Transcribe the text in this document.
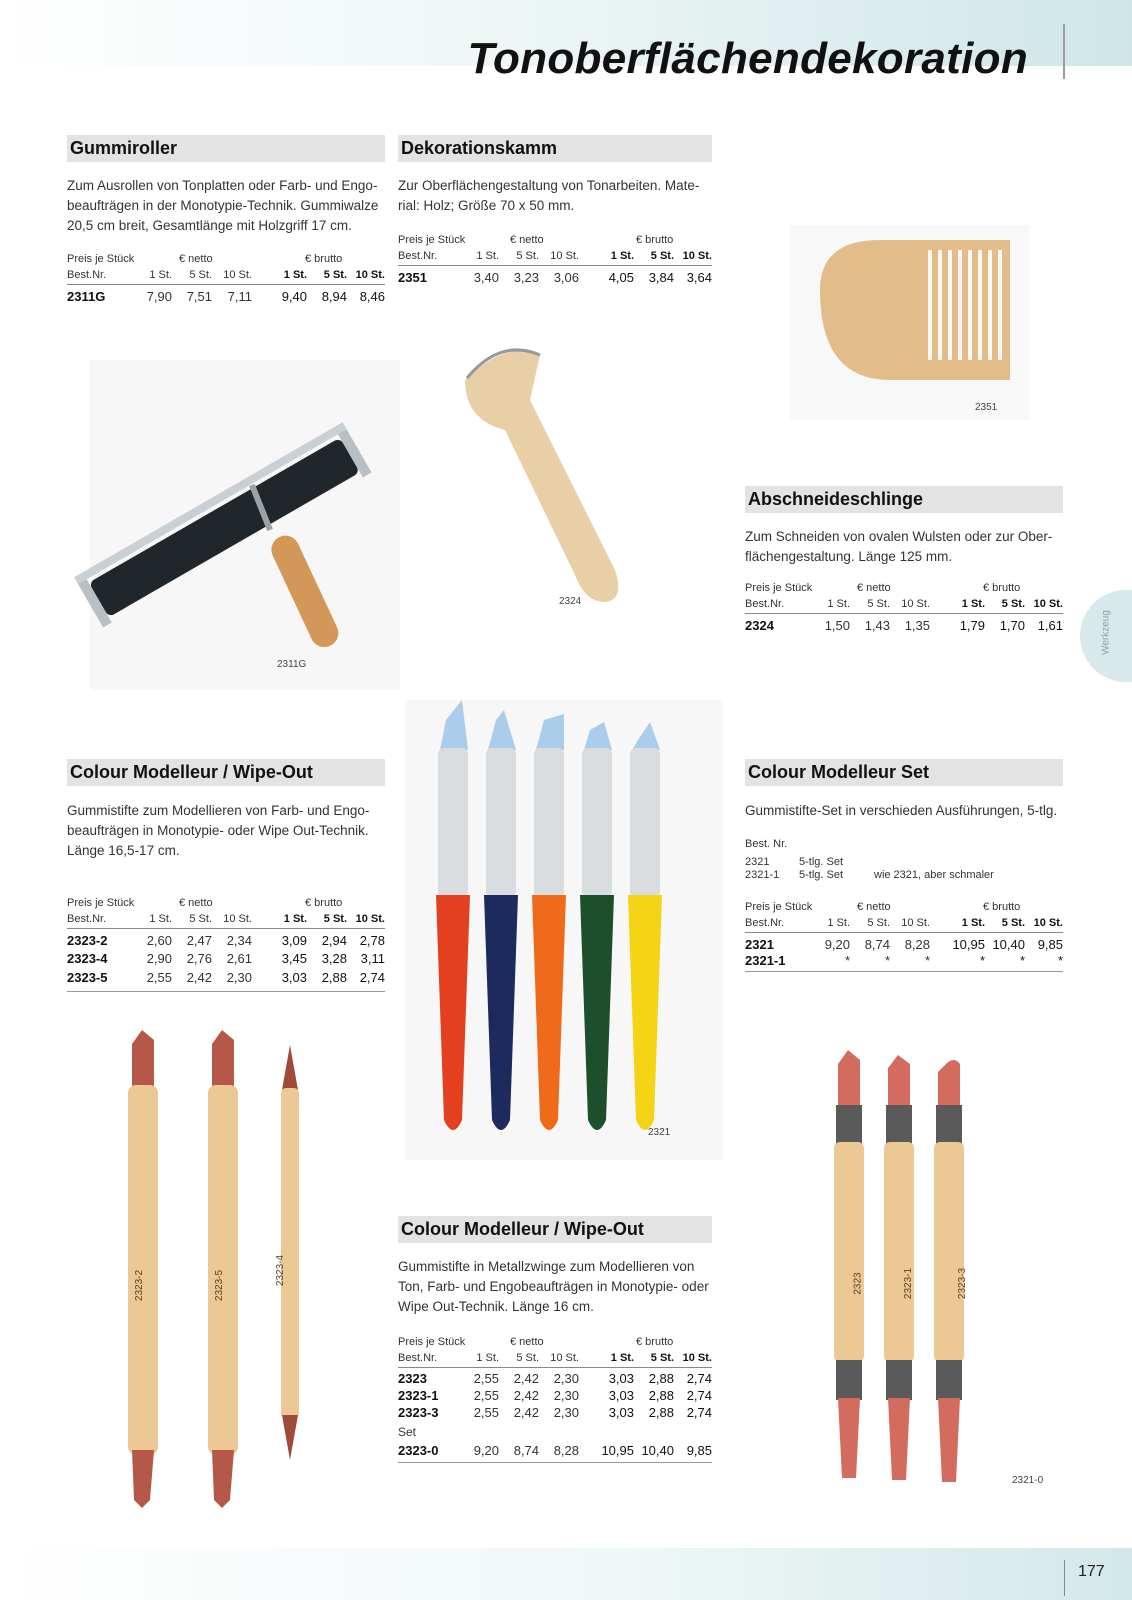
Tonoberflächendekoration
177
Werkzeug
Gummiroller

Zum Ausrollen von Tonplatten oder Farb- und Engo-

beaufträgen in der Monotypie-Technik. Gummiwalze

20,5 cm breit, Gesamtlänge mit Holzgriff 17 cm.

Preis je Stück	€ netto	€ brutto
Best.Nr.	1 St. 5 St. 10 St.	1 St. 5 St. 10 St.
2311G	7,90 7,51 7,11 9,40 8,94 8,46
2311G
Dekorationskamm

Zur Oberflächengestaltung von Tonarbeiten. Mate-

rial: Holz; Größe 70 x 50 mm.

Preis je Stück	€ netto	€ brutto
Best.Nr.	1 St. 5 St. 10 St.	1 St. 5 St. 10 St.
2351	3,40 3,23 3,06 4,05 3,84 3,64
2351
2324
Abschneideschlinge

Zum Schneiden von ovalen Wulsten oder zur Ober-

flächengestaltung. Länge 125 mm.

Preis je Stück	€ netto	€ brutto
Best.Nr.	1 St. 5 St. 10 St.	1 St. 5 St. 10 St.
2324	1,50 1,43 1,35 1,79 1,70 1,61
Colour Modelleur / Wipe-Out

Gummistifte zum Modellieren von Farb- und Engo-

beaufträgen in Monotypie- oder Wipe Out-Technik.

Länge 16,5-17 cm.

Preis je Stück	€ netto	€ brutto
Best.Nr.	1 St. 5 St. 10 St.	1 St. 5 St. 10 St.
2323-2	2,60 2,47 2,34 3,09 2,94 2,78
2323-4	2,90 2,76 2,61 3,45 3,28 3,11
2323-5	2,55 2,42 2,30 3,03 2,88 2,74
2323-2	2323-5	2323-4
2321
Colour Modelleur Set

Gummistifte-Set in verschieden Ausführungen, 5-tlg.

Best. Nr.
2321	5-tlg. Set
2321-1 5-tlg. Set	wie 2321, aber schmaler
Preis je Stück	€ netto	€ brutto
Best.Nr.	1 St. 5 St. 10 St.	1 St. 5 St. 10 St.
2321	9,20 8,74 8,28 10,95 10,40 9,85
2321-1	*	*	*	*	*	*
Colour Modelleur / Wipe-Out

Gummistifte in Metallzwinge zum Modellieren von

Ton, Farb- und Engobeaufträgen in Monotypie- oder

Wipe Out-Technik. Länge 16 cm.

Preis je Stück	€ netto	€ brutto
Best.Nr.	1 St. 5 St. 10 St.	1 St. 5 St. 10 St.
2323	2,55 2,42 2,30 3,03 2,88 2,74
2323-1	2,55 2,42 2,30 3,03 2,88 2,74
2323-3	2,55 2,42 2,30 3,03 2,88 2,74
Set
2323-0	9,20 8,74 8,28 10,95 10,40 9,85
2323	2323-1	2323-3
2321-0
